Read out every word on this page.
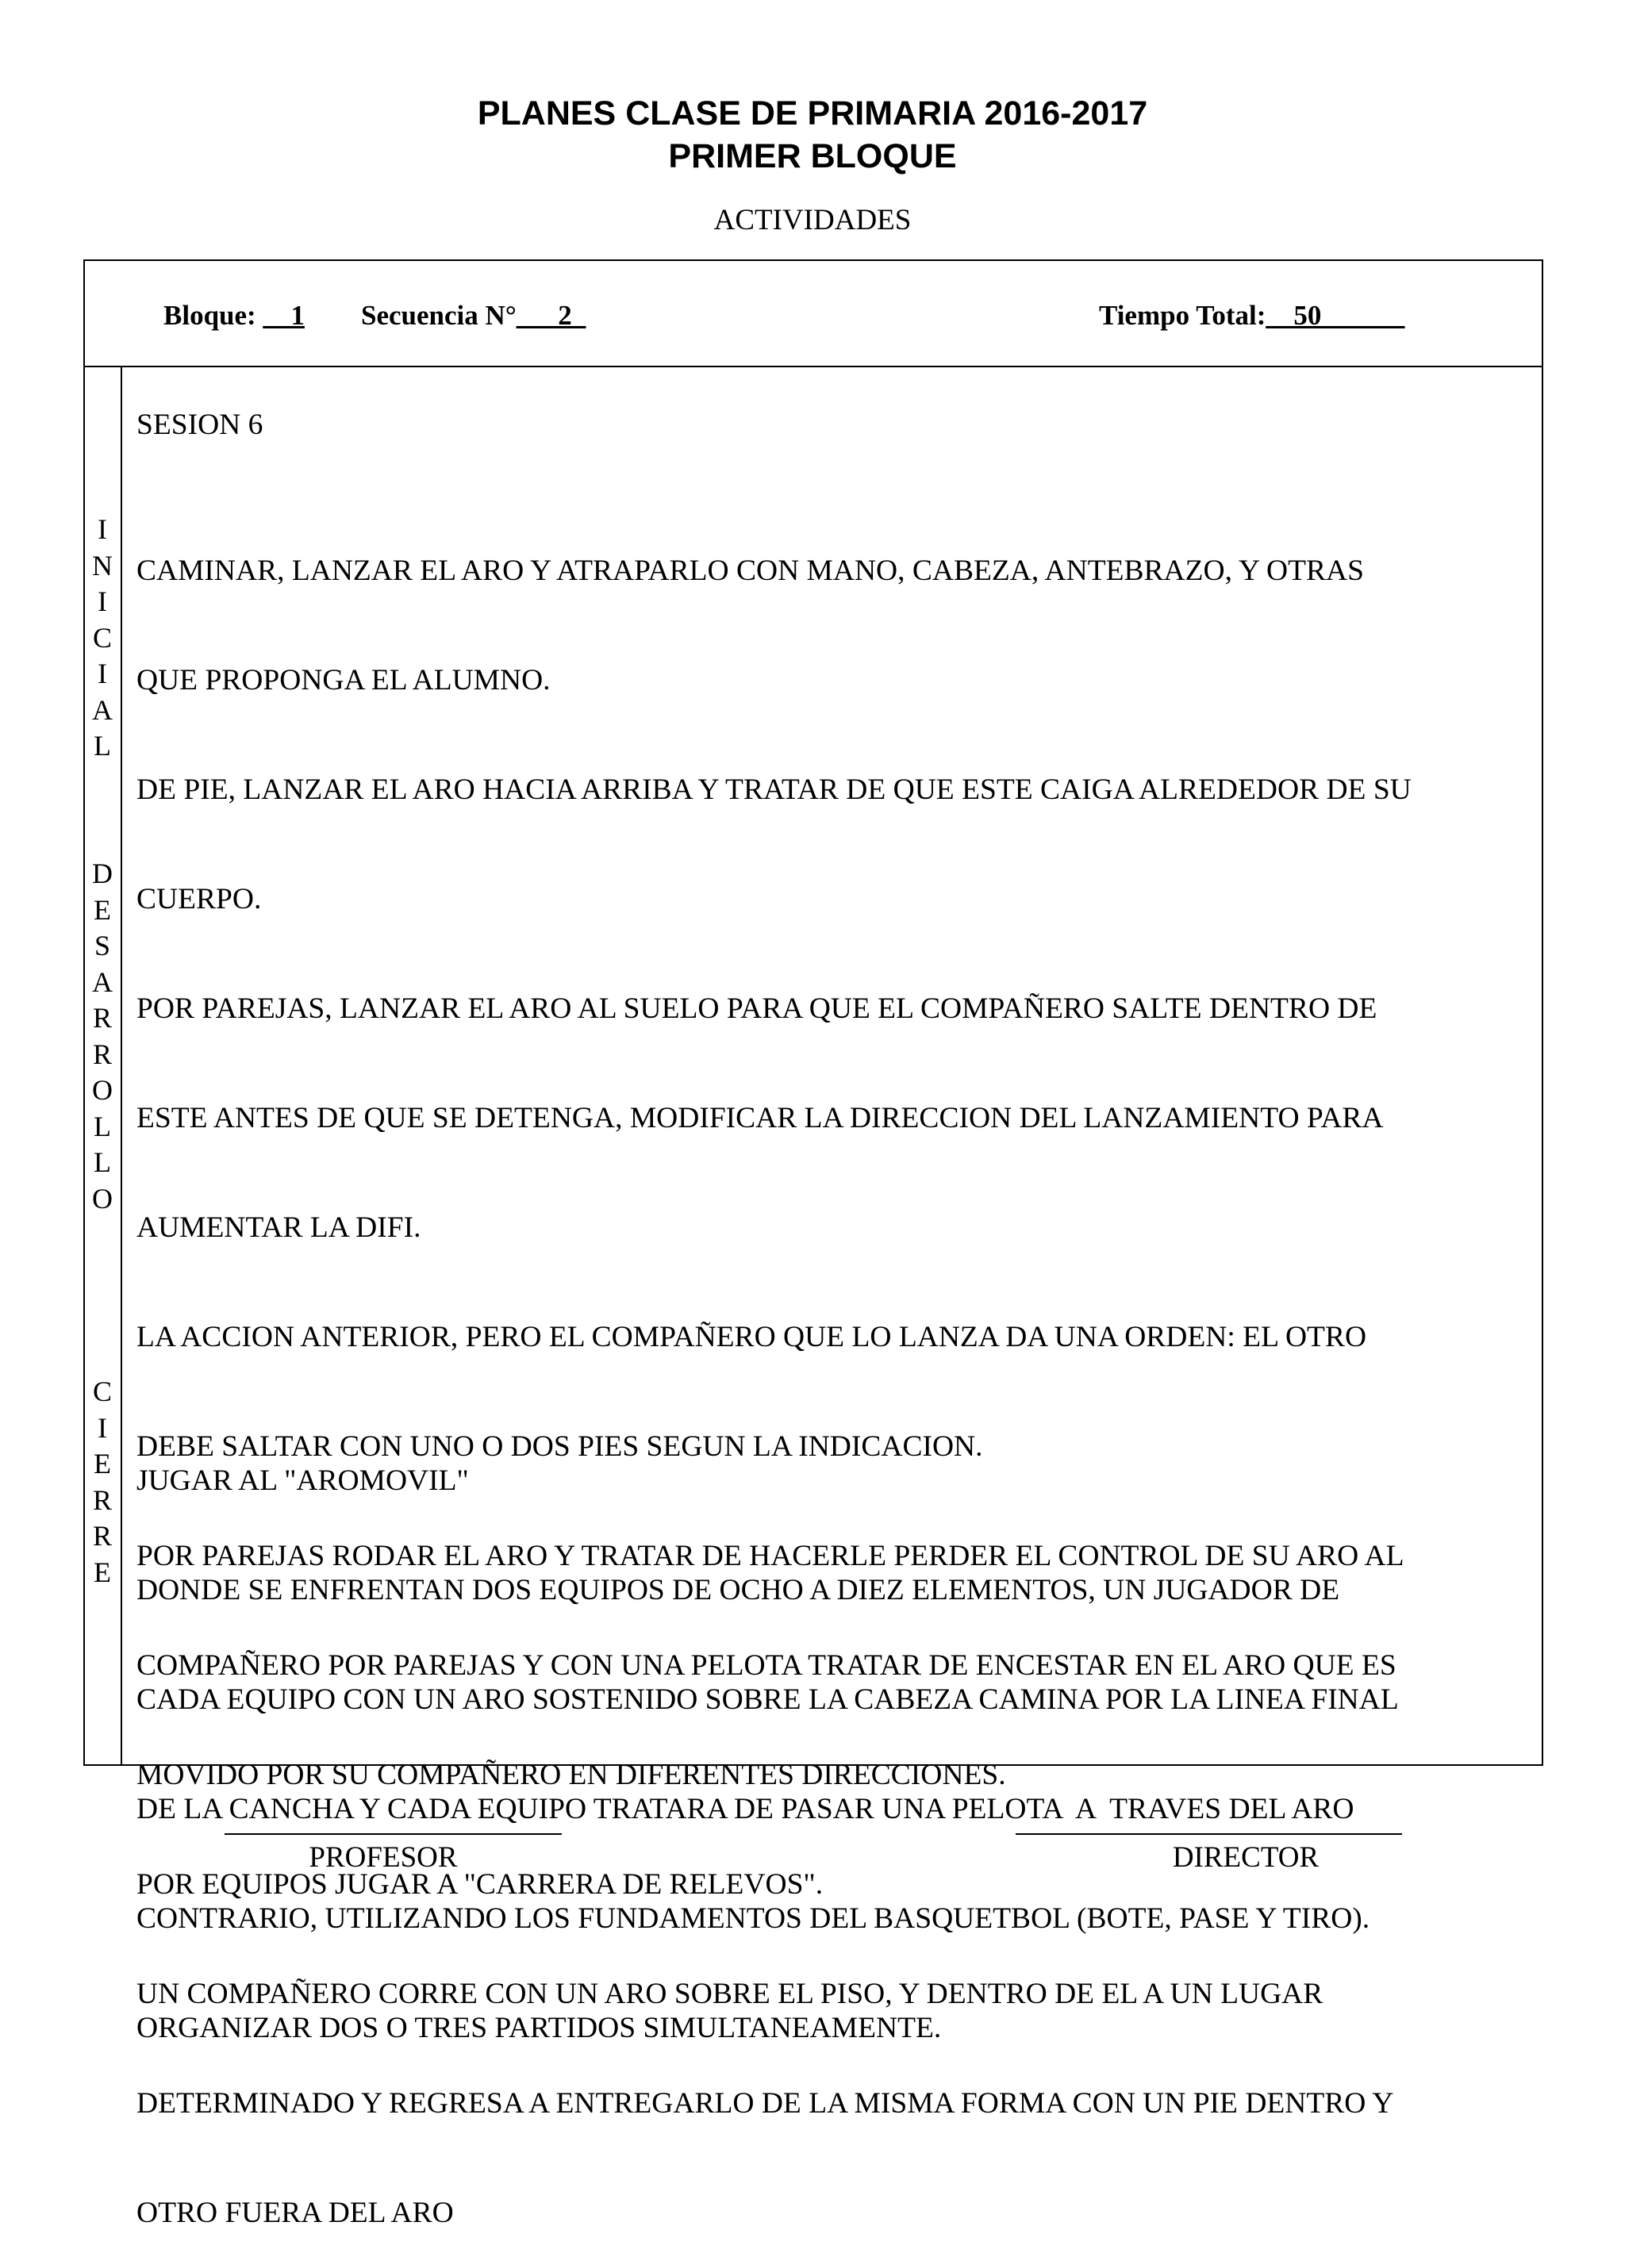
PLANES CLASE DE PRIMARIA 2016-2017
PRIMER BLOQUE
ACTIVIDADES
Bloque: __1 Secuencia N°___2_	Tiempo Total:__50______
I
N
I
C
I
A
L
D
E
S
A
R
R
O
L
L
O
C
I
E
R
R
E
SESION 6

CAMINAR, LANZAR EL ARO Y ATRAPARLO CON MANO, CABEZA, ANTEBRAZO, Y OTRAS

QUE PROPONGA EL ALUMNO.

DE PIE, LANZAR EL ARO HACIA ARRIBA Y TRATAR DE QUE ESTE CAIGA ALREDEDOR DE SU

CUERPO.

POR PAREJAS, LANZAR EL ARO AL SUELO PARA QUE EL COMPAÑERO SALTE DENTRO DE

ESTE ANTES DE QUE SE DETENGA, MODIFICAR LA DIRECCION DEL LANZAMIENTO PARA

AUMENTAR LA DIFI.

LA ACCION ANTERIOR, PERO EL COMPAÑERO QUE LO LANZA DA UNA ORDEN: EL OTRO

DEBE SALTAR CON UNO O DOS PIES SEGUN LA INDICACION.

POR PAREJAS RODAR EL ARO Y TRATAR DE HACERLE PERDER EL CONTROL DE SU ARO AL

COMPAÑERO POR PAREJAS Y CON UNA PELOTA TRATAR DE ENCESTAR EN EL ARO QUE ES

MOVIDO POR SU COMPAÑERO EN DIFERENTES DIRECCIONES.

POR EQUIPOS JUGAR A "CARRERA DE RELEVOS".

UN COMPAÑERO CORRE CON UN ARO SOBRE EL PISO, Y DENTRO DE EL A UN LUGAR

DETERMINADO Y REGRESA A ENTREGARLO DE LA MISMA FORMA CON UN PIE DENTRO Y

OTRO FUERA DEL ARO

JUGAR AL "AROMOVIL"

DONDE SE ENFRENTAN DOS EQUIPOS DE OCHO A DIEZ ELEMENTOS, UN JUGADOR DE

CADA EQUIPO CON UN ARO SOSTENIDO SOBRE LA CABEZA CAMINA POR LA LINEA FINAL

DE LA CANCHA Y CADA EQUIPO TRATARA DE PASAR UNA PELOTA  A  TRAVES DEL ARO

CONTRARIO, UTILIZANDO LOS FUNDAMENTOS DEL BASQUETBOL (BOTE, PASE Y TIRO).

ORGANIZAR DOS O TRES PARTIDOS SIMULTANEAMENTE.

PROFESOR	DIRECTOR
